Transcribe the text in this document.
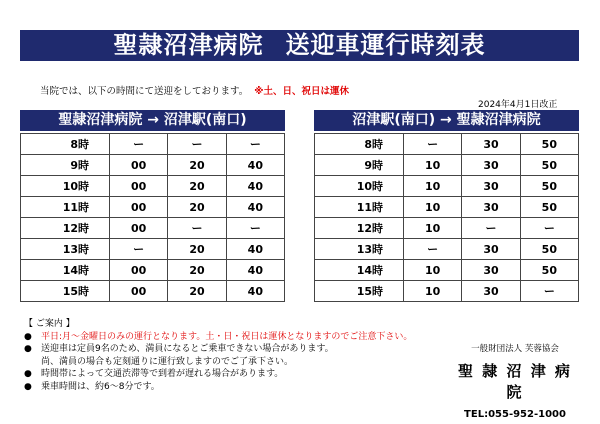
聖隷沼津病院 送迎車運行時刻表
当院では、以下の時間にて送迎をしております。 ※土、日、祝日は運休
2024年4月1日改正
聖隷沼津病院 → 沼津駅(南口)
8時	ー	ー	ー
9時	00	20	40
10時	00	20	40
11時	00	20	40
12時	00	ー	ー
13時	ー	20	40
14時	00	20	40
15時	00	20	40
沼津駅(南口) → 聖隷沼津病院
8時	ー	30	50
9時	10	30	50
10時	10	30	50
11時	10	30	50
12時	10	ー	ー
13時	ー	30	50
14時	10	30	50
15時	10	30	ー
【 ご案内 】
● 平日:月～金曜日のみの運行となります。土・日・祝日は運休となりますのでご注意下さい。
● 送迎車は定員9名のため、満員になるとご乗車できない場合があります。
尚、満員の場合も定刻通りに運行致しますのでご了承下さい。
● 時間帯によって交通渋滞等で到着が遅れる場合があります。
● 乗車時間は、約6～8分です。
一般財団法人 芙蓉協会
聖 隷 沼 津 病 院
TEL:055-952-1000
